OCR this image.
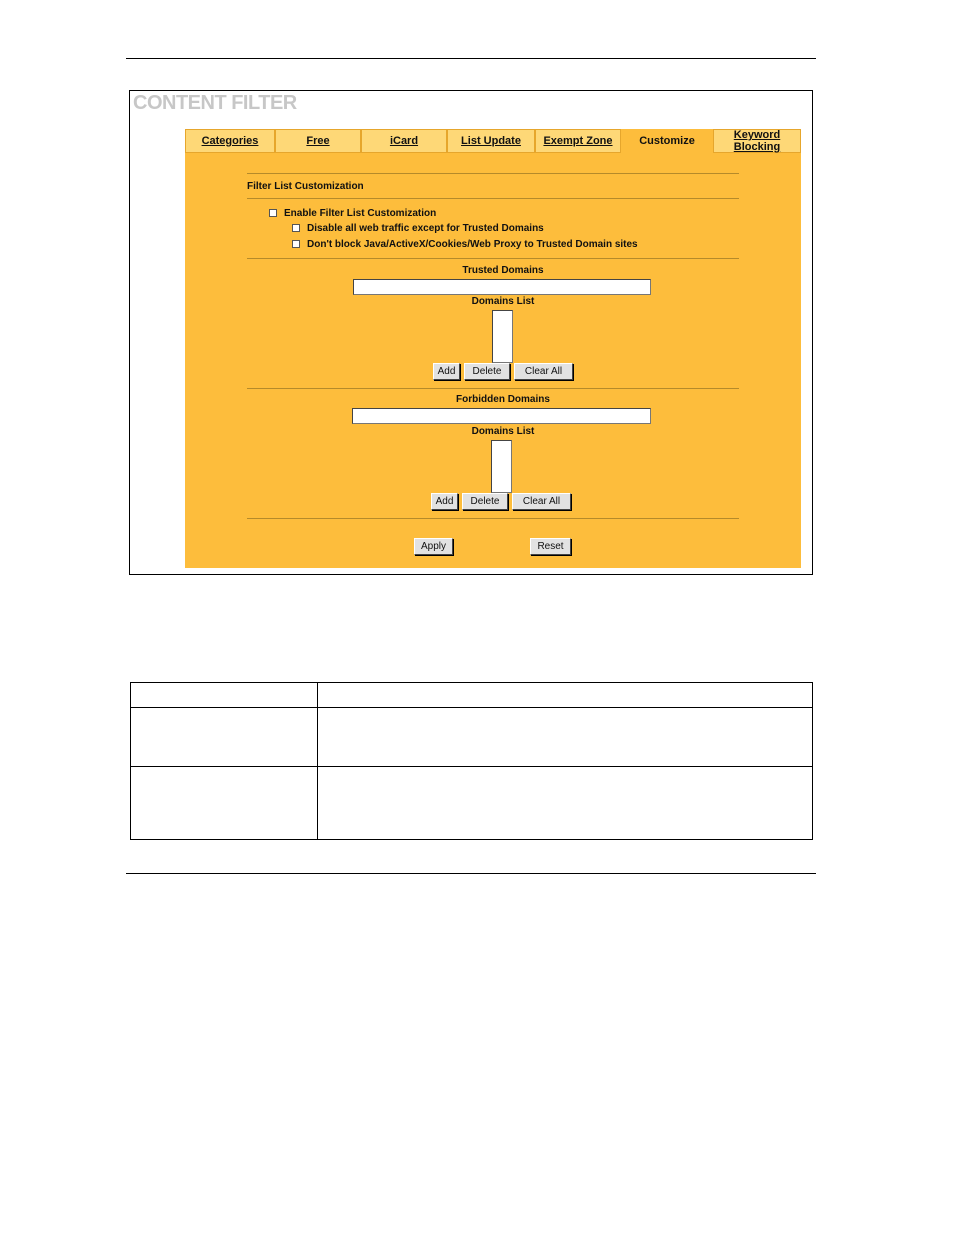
CONTENT FILTER
Categories	Free	iCard	List Update	Exempt Zone	Customize	Keyword Blocking
Filter List Customization
Enable Filter List Customization
Disable all web traffic except for Trusted Domains
Don't block Java/ActiveX/Cookies/Web Proxy to Trusted Domain sites
Trusted Domains
Domains List
Add	Delete	Clear All
Forbidden Domains
Domains List
Add	Delete	Clear All
Apply	Reset
